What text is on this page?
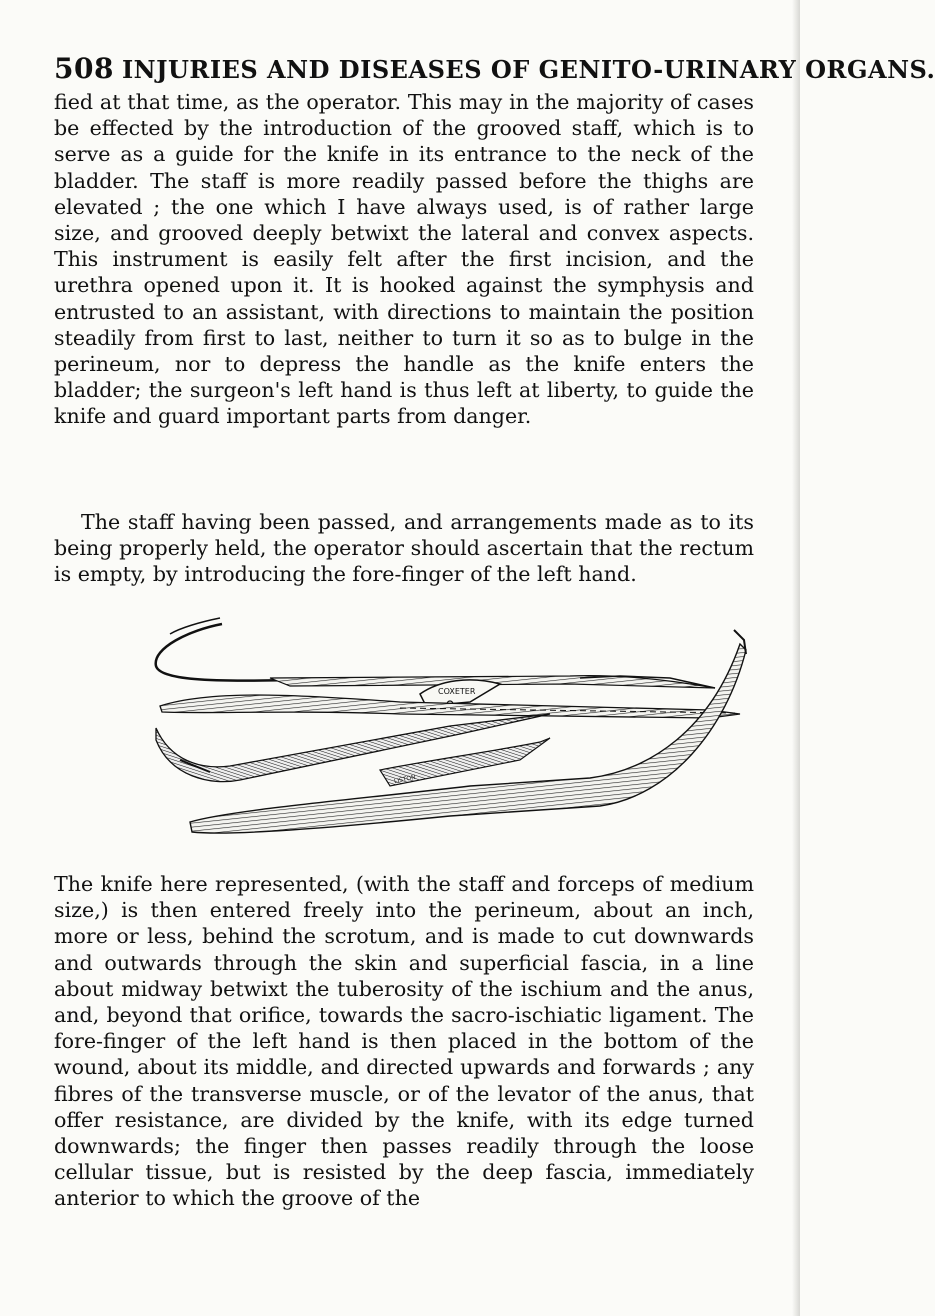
508 INJURIES AND DISEASES OF GENITO-URINARY ORGANS.

fied at that time, as the operator. This may in the majority of cases be effected by the introduction of the grooved staff, which is to serve as a guide for the knife in its entrance to the neck of the bladder. The staff is more readily passed before the thighs are elevated ; the one which I have always used, is of rather large size, and grooved deeply betwixt the lateral and convex aspects. This instrument is easily felt after the first incision, and the urethra opened upon it. It is hooked against the symphysis and entrusted to an assistant, with directions to maintain the position steadily from first to last, neither to turn it so as to bulge in the perineum, nor to depress the handle as the knife enters the bladder; the surgeon's left hand is thus left at liberty, to guide the knife and guard important parts from danger.

The staff having been passed, and arrangements made as to its being properly held, the operator should ascertain that the rectum is empty, by introducing the fore-finger of the left hand.

COXETER
LISTON

The knife here represented, (with the staff and forceps of medium size,) is then entered freely into the perineum, about an inch, more or less, behind the scrotum, and is made to cut downwards and outwards through the skin and superficial fascia, in a line about midway betwixt the tuberosity of the ischium and the anus, and, beyond that orifice, towards the sacro-ischiatic ligament. The fore-finger of the left hand is then placed in the bottom of the wound, about its middle, and directed upwards and forwards ; any fibres of the transverse muscle, or of the levator of the anus, that offer resistance, are divided by the knife, with its edge turned downwards; the finger then passes readily through the loose cellular tissue, but is resisted by the deep fascia, immediately anterior to which the groove of the
